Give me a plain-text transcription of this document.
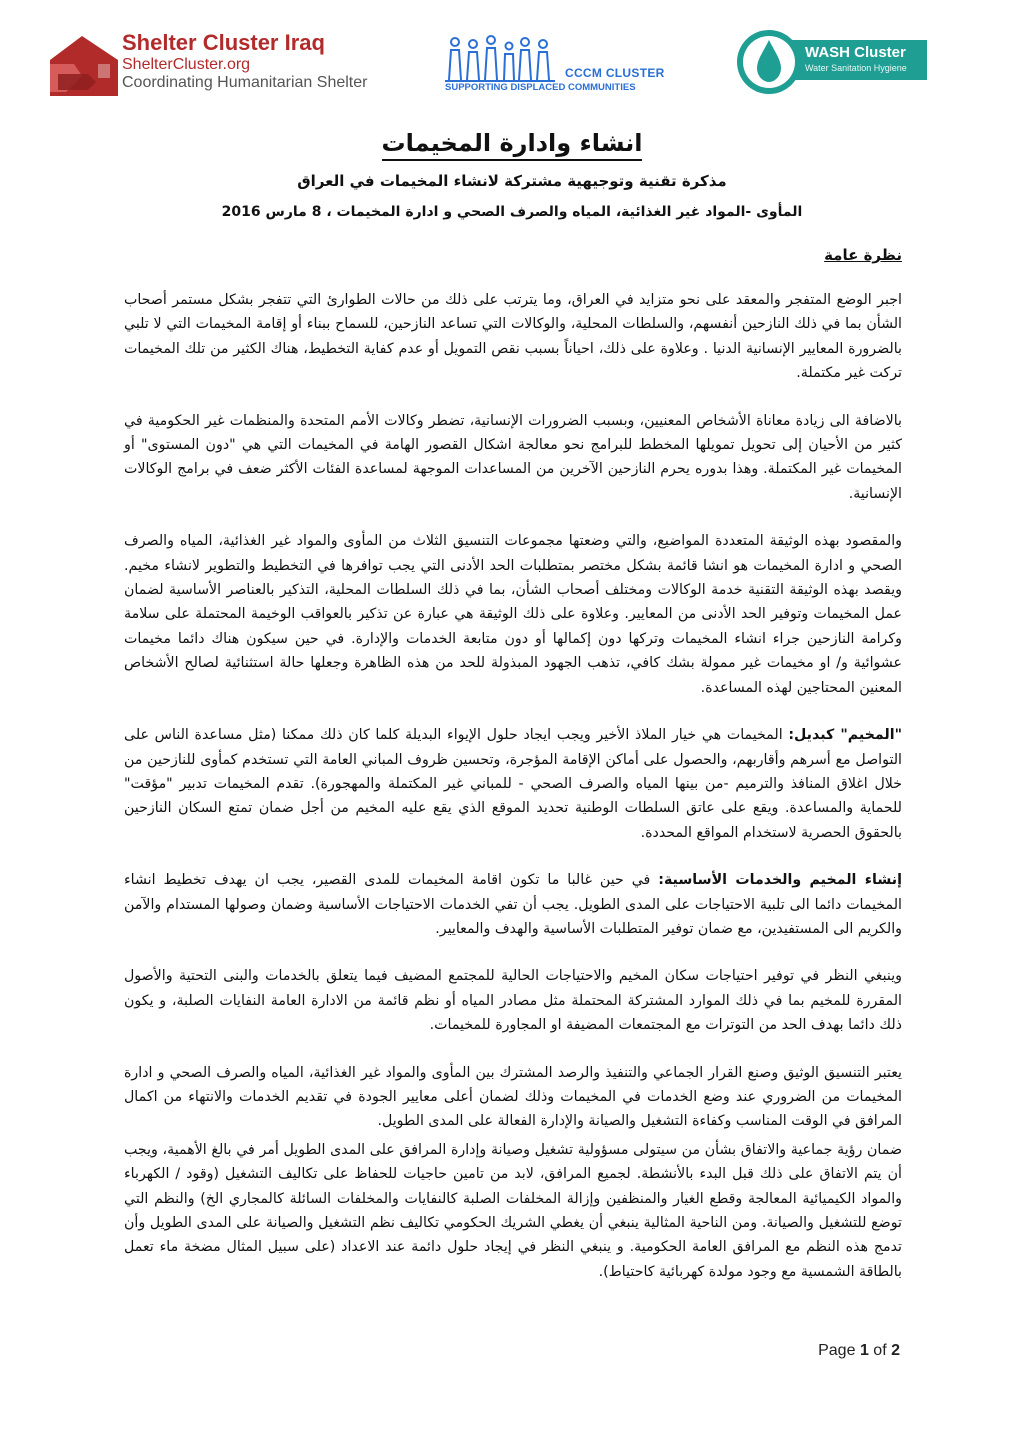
Shelter Cluster Iraq
ShelterCluster.org
Coordinating Humanitarian Shelter
CCCM CLUSTER
SUPPORTING DISPLACED COMMUNITIES
WASH Cluster
Water Sanitation Hygiene
انشاء وادارة المخيمات
مذكرة تقنية وتوجيهية مشتركة لانشاء المخيمات في العراق
المأوى -المواد غير الغذائية، المياه والصرف الصحي و ادارة المخيمات ، 8 مارس 2016
نظرة عامة

اجبر الوضع المتفجر والمعقد على نحو متزايد في العراق، وما يترتب على ذلك من حالات الطوارئ التي تتفجر بشكل مستمر أصحاب الشأن بما في ذلك النازحين أنفسهم، والسلطات المحلية، والوكالات التي تساعد النازحين، للسماح ببناء أو إقامة المخيمات التي لا تلبي بالضرورة المعايير الإنسانية الدنيا . وعلاوة على ذلك، احياناً بسبب نقص التمويل أو عدم كفاية التخطيط، هناك الكثير من تلك المخيمات تركت غير مكتملة.

بالاضافة الى زيادة معاناة الأشخاص المعنيين، وبسبب الضرورات الإنسانية، تضطر وكالات الأمم المتحدة والمنظمات غير الحكومية في كثير من الأحيان إلى تحويل تمويلها المخطط للبرامج نحو معالجة اشكال القصور الهامة في المخيمات التي هي "دون المستوى" أو المخيمات غير المكتملة. وهذا بدوره يحرم النازحين الآخرين من المساعدات الموجهة لمساعدة الفئات الأكثر ضعف في برامج الوكالات الإنسانية.

والمقصود بهذه الوثيقة المتعددة المواضيع، والتي وضعتها مجموعات التنسيق الثلاث من المأوى والمواد غير الغذائية، المياه والصرف الصحي و ادارة المخيمات هو انشا قائمة بشكل مختصر بمتطلبات الحد الأدنى التي يجب توافرها في التخطيط والتطوير لانشاء مخيم. ويقصد بهذه الوثيقة التقنية خدمة الوكالات ومختلف أصحاب الشأن، بما في ذلك السلطات المحلية، التذكير بالعناصر الأساسية لضمان عمل المخيمات وتوفير الحد الأدنى من المعايير. وعلاوة على ذلك الوثيقة هي عبارة عن تذكير بالعواقب الوخيمة المحتملة على سلامة وكرامة النازحين جراء انشاء المخيمات وتركها دون إكمالها أو دون متابعة الخدمات والإدارة. في حين سيكون هناك دائما مخيمات عشوائية و/ او مخيمات غير ممولة بشك كافي، تذهب الجهود المبذولة للحد من هذه الظاهرة وجعلها حالة استثنائية لصالح الأشخاص المعنين المحتاجين لهذه المساعدة.

"المخيم" كبديل: المخيمات هي خيار الملاذ الأخير ويجب ايجاد حلول الإيواء البديلة كلما كان ذلك ممكنا (مثل مساعدة الناس على التواصل مع أسرهم وأقاربهم، والحصول على أماكن الإقامة المؤجرة، وتحسين ظروف المباني العامة التي تستخدم كمأوى للنازحين من خلال اغلاق المنافذ والترميم -من بينها المياه والصرف الصحي - للمباني غير المكتملة والمهجورة). تقدم المخيمات تدبير "مؤقت" للحماية والمساعدة. ويقع على عاتق السلطات الوطنية تحديد الموقع الذي يقع عليه المخيم من أجل ضمان تمتع السكان النازحين بالحقوق الحصرية لاستخدام المواقع المحددة.

إنشاء المخيم والخدمات الأساسية: في حين غالبا ما تكون اقامة المخيمات للمدى القصير، يجب ان يهدف تخطيط انشاء المخيمات دائما الى تلبية الاحتياجات على المدى الطويل. يجب أن تفي الخدمات الاحتياجات الأساسية وضمان وصولها المستدام والآمن والكريم الى المستفيدين، مع ضمان توفير المتطلبات الأساسية والهدف والمعايير.

وينبغي النظر في توفير احتياجات سكان المخيم والاحتياجات الحالية للمجتمع المضيف فيما يتعلق بالخدمات والبنى التحتية والأصول المقررة للمخيم بما في ذلك الموارد المشتركة المحتملة مثل مصادر المياه أو نظم قائمة من الادارة العامة النفايات الصلبة، و يكون ذلك دائما بهدف الحد من التوترات مع المجتمعات المضيفة او المجاورة للمخيمات.

يعتبر التنسيق الوثيق وصنع القرار الجماعي والتنفيذ والرصد المشترك بين المأوى والمواد غير الغذائية، المياه والصرف الصحي و ادارة المخيمات من الضروري عند وضع الخدمات في المخيمات وذلك لضمان أعلى معايير الجودة في تقديم الخدمات والانتهاء من اكمال المرافق في الوقت المناسب وكفاءة التشغيل والصيانة والإدارة الفعالة على المدى الطويل.

ضمان رؤية جماعية والاتفاق بشأن من سيتولى مسؤولية تشغيل وصيانة وإدارة المرافق على المدى الطويل أمر في بالغ الأهمية، ويجب أن يتم الاتفاق على ذلك قبل البدء بالأنشطة. لجميع المرافق، لابد من تامين حاجيات للحفاظ على تكاليف التشغيل (وقود / الكهرباء والمواد الكيميائية المعالجة وقطع الغيار والمنظفين وإزالة المخلفات الصلبة كالنفايات والمخلفات السائلة كالمجاري الخ) والنظم التي توضع للتشغيل والصيانة. ومن الناحية المثالية ينبغي أن يغطي الشريك الحكومي تكاليف نظم التشغيل والصيانة على المدى الطويل وأن تدمج هذه النظم مع المرافق العامة الحكومية. و ينبغي النظر في إيجاد حلول دائمة عند الاعداد (على سبيل المثال مضخة ماء تعمل بالطاقة الشمسية مع وجود مولدة كهربائية كاحتياط).

Page 1 of 2
